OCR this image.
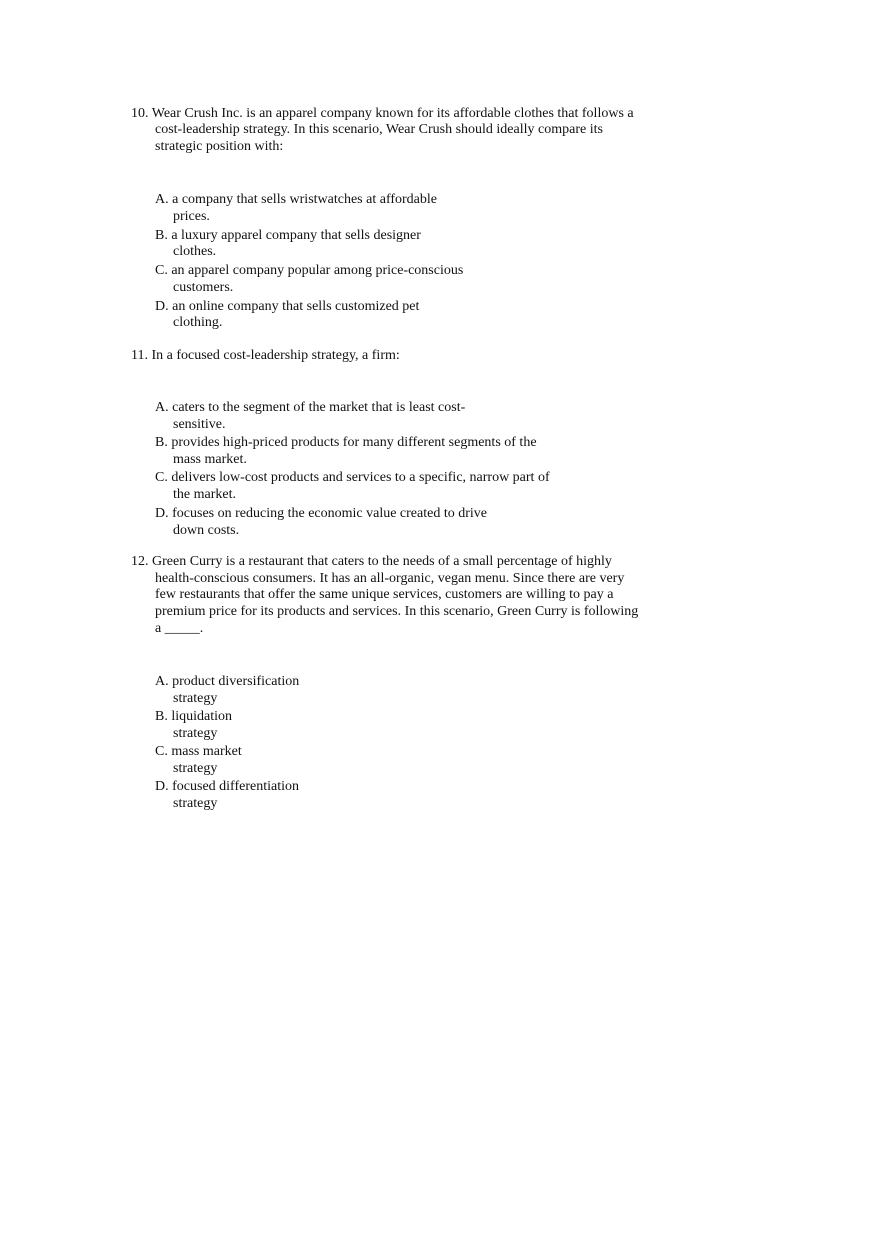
10. Wear Crush Inc. is an apparel company known for its affordable clothes that follows a
cost-leadership strategy. In this scenario, Wear Crush should ideally compare its
strategic position with:
A. a company that sells wristwatches at affordable
prices.
B. a luxury apparel company that sells designer
clothes.
C. an apparel company popular among price-conscious
customers.
D. an online company that sells customized pet
clothing.
11. In a focused cost-leadership strategy, a firm:
A. caters to the segment of the market that is least cost-
sensitive.
B. provides high-priced products for many different segments of the
mass market.
C. delivers low-cost products and services to a specific, narrow part of
the market.
D. focuses on reducing the economic value created to drive
down costs.
12. Green Curry is a restaurant that caters to the needs of a small percentage of highly
health-conscious consumers. It has an all-organic, vegan menu. Since there are very
few restaurants that offer the same unique services, customers are willing to pay a
premium price for its products and services. In this scenario, Green Curry is following
a _____.
A. product diversification
strategy
B. liquidation
strategy
C. mass market
strategy
D. focused differentiation
strategy
